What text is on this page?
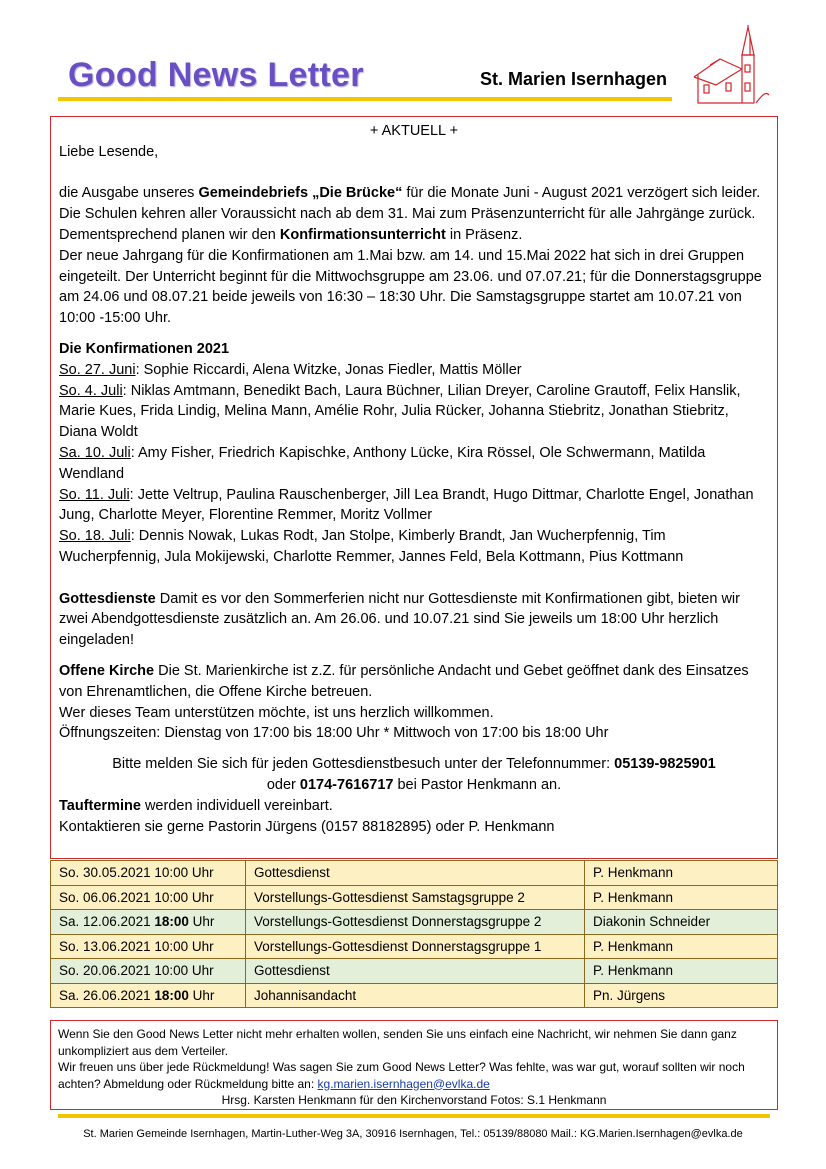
Good News Letter	St. Marien Isernhagen

+ AKTUELL +

Liebe Lesende,

die Ausgabe unseres Gemeindebriefs „Die Brücke“ für die Monate Juni - August 2021 verzögert sich leider.

Die Schulen kehren aller Voraussicht nach ab dem 31. Mai zum Präsenzunterricht für alle Jahrgänge zurück. Dementsprechend planen wir den Konfirmationsunterricht in Präsenz.

Der neue Jahrgang für die Konfirmationen am 1.Mai bzw. am 14. und 15.Mai 2022 hat sich in drei Gruppen eingeteilt. Der Unterricht beginnt für die Mittwochsgruppe am 23.06. und 07.07.21; für die Donnerstagsgruppe am 24.06 und 08.07.21 beide jeweils von 16:30 – 18:30 Uhr. Die Samstagsgruppe startet am 10.07.21 von 10:00 -15:00 Uhr.

Die Konfirmationen 2021

So. 27. Juni: Sophie Riccardi, Alena Witzke, Jonas Fiedler, Mattis Möller

So. 4. Juli: Niklas Amtmann, Benedikt Bach, Laura Büchner, Lilian Dreyer, Caroline Grautoff, Felix Hanslik, Marie Kues, Frida Lindig, Melina Mann, Amélie Rohr, Julia Rücker, Johanna Stiebritz, Jonathan Stiebritz, Diana Woldt

Sa. 10. Juli: Amy Fisher, Friedrich Kapischke, Anthony Lücke, Kira Rössel, Ole Schwermann, Matilda Wendland

So. 11. Juli: Jette Veltrup, Paulina Rauschenberger, Jill Lea Brandt, Hugo Dittmar, Charlotte Engel, Jonathan Jung, Charlotte Meyer, Florentine Remmer, Moritz Vollmer

So. 18. Juli: Dennis Nowak, Lukas Rodt, Jan Stolpe, Kimberly Brandt, Jan Wucherpfennig, Tim Wucherpfennig, Jula Mokijewski, Charlotte Remmer, Jannes Feld, Bela Kottmann, Pius Kottmann

Gottesdienste Damit es vor den Sommerferien nicht nur Gottesdienste mit Konfirmationen gibt, bieten wir zwei Abendgottesdienste zusätzlich an. Am 26.06. und 10.07.21 sind Sie jeweils um 18:00 Uhr herzlich eingeladen!

Offene Kirche Die St. Marienkirche ist z.Z. für persönliche Andacht und Gebet geöffnet dank des Einsatzes von Ehrenamtlichen, die Offene Kirche betreuen.

Wer dieses Team unterstützen möchte, ist uns herzlich willkommen.

Öffnungszeiten: Dienstag von 17:00 bis 18:00 Uhr * Mittwoch von 17:00 bis 18:00 Uhr

Bitte melden Sie sich für jeden Gottesdienstbesuch unter der Telefonnummer: 05139-9825901

oder 0174-7616717 bei Pastor Henkmann an.

Tauftermine werden individuell vereinbart.

Kontaktieren sie gerne Pastorin Jürgens (0157 88182895) oder P. Henkmann

So. 30.05.2021 10:00 Uhr	Gottesdienst	P. Henkmann
So. 06.06.2021 10:00 Uhr	Vorstellungs-Gottesdienst Samstagsgruppe 2	P. Henkmann
Sa. 12.06.2021 18:00 Uhr	Vorstellungs-Gottesdienst Donnerstagsgruppe 2	Diakonin Schneider
So. 13.06.2021 10:00 Uhr	Vorstellungs-Gottesdienst Donnerstagsgruppe 1	P. Henkmann
So. 20.06.2021 10:00 Uhr	Gottesdienst	P. Henkmann
Sa. 26.06.2021 18:00 Uhr	Johannisandacht	Pn. Jürgens

Wenn Sie den Good News Letter nicht mehr erhalten wollen, senden Sie uns einfach eine Nachricht, wir nehmen Sie dann ganz unkompliziert aus dem Verteiler.

Wir freuen uns über jede Rückmeldung! Was sagen Sie zum Good News Letter? Was fehlte, was war gut, worauf sollten wir noch achten? Abmeldung oder Rückmeldung bitte an: kg.marien.isernhagen@evlka.de

Hrsg. Karsten Henkmann für den Kirchenvorstand Fotos: S.1 Henkmann

St. Marien Gemeinde Isernhagen, Martin-Luther-Weg 3A, 30916 Isernhagen, Tel.: 05139/88080 Mail.: KG.Marien.Isernhagen@evlka.de
